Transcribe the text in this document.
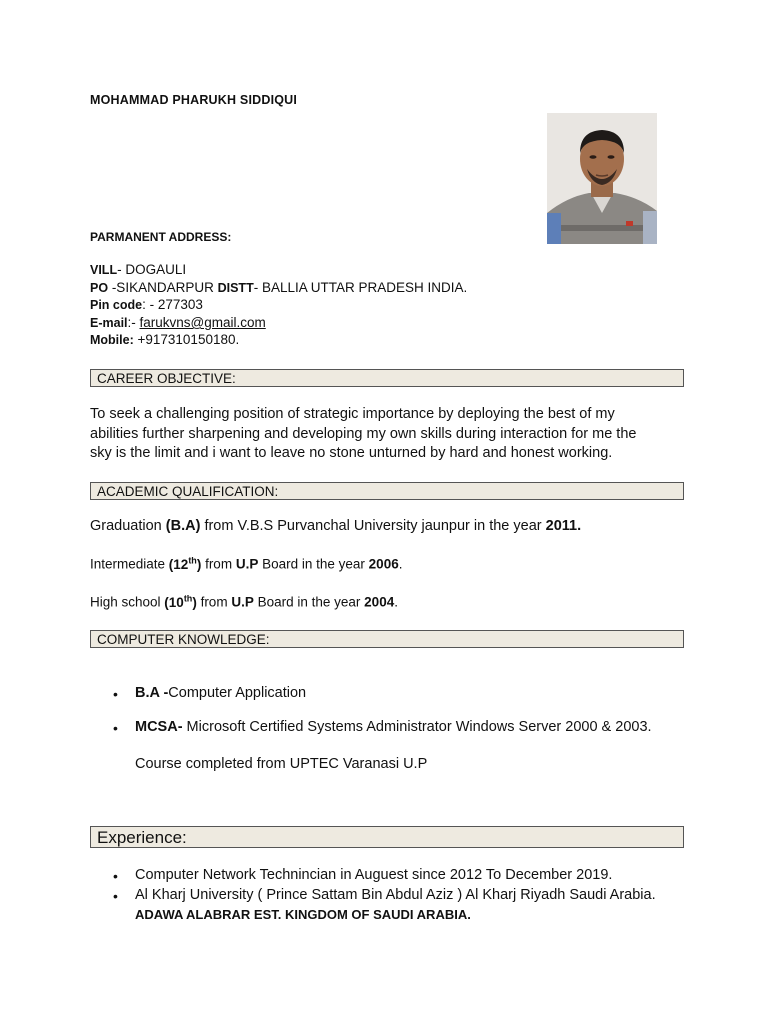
MOHAMMAD PHARUKH SIDDIQUI
PARMANENT ADDRESS:
VILL- DOGAULI
PO -SIKANDARPUR DISTT- BALLIA UTTAR PRADESH INDIA.
Pin code: - 277303
E-mail:- farukvns@gmail.com
Mobile: +917310150180.
CAREER OBJECTIVE:
To seek a challenging position of strategic importance by deploying the best of my
abilities further sharpening and developing my own skills during interaction for me the
sky is the limit and i want to leave no stone unturned by hard and honest working.
ACADEMIC QUALIFICATION:
Graduation (B.A) from V.B.S Purvanchal University jaunpur in the year 2011.
Intermediate (12th) from U.P Board in the year 2006.
High school (10th) from U.P Board in the year 2004.
COMPUTER KNOWLEDGE:
• B.A -Computer Application
• MCSA- Microsoft Certified Systems Administrator Windows Server 2000 & 2003.
Course completed from UPTEC Varanasi U.P
Experience:
• Computer Network Technincian in Auguest since 2012 To December 2019.
• Al Kharj University ( Prince Sattam Bin Abdul Aziz ) Al Kharj Riyadh Saudi Arabia.
ADAWA ALABRAR EST. KINGDOM OF SAUDI ARABIA.
